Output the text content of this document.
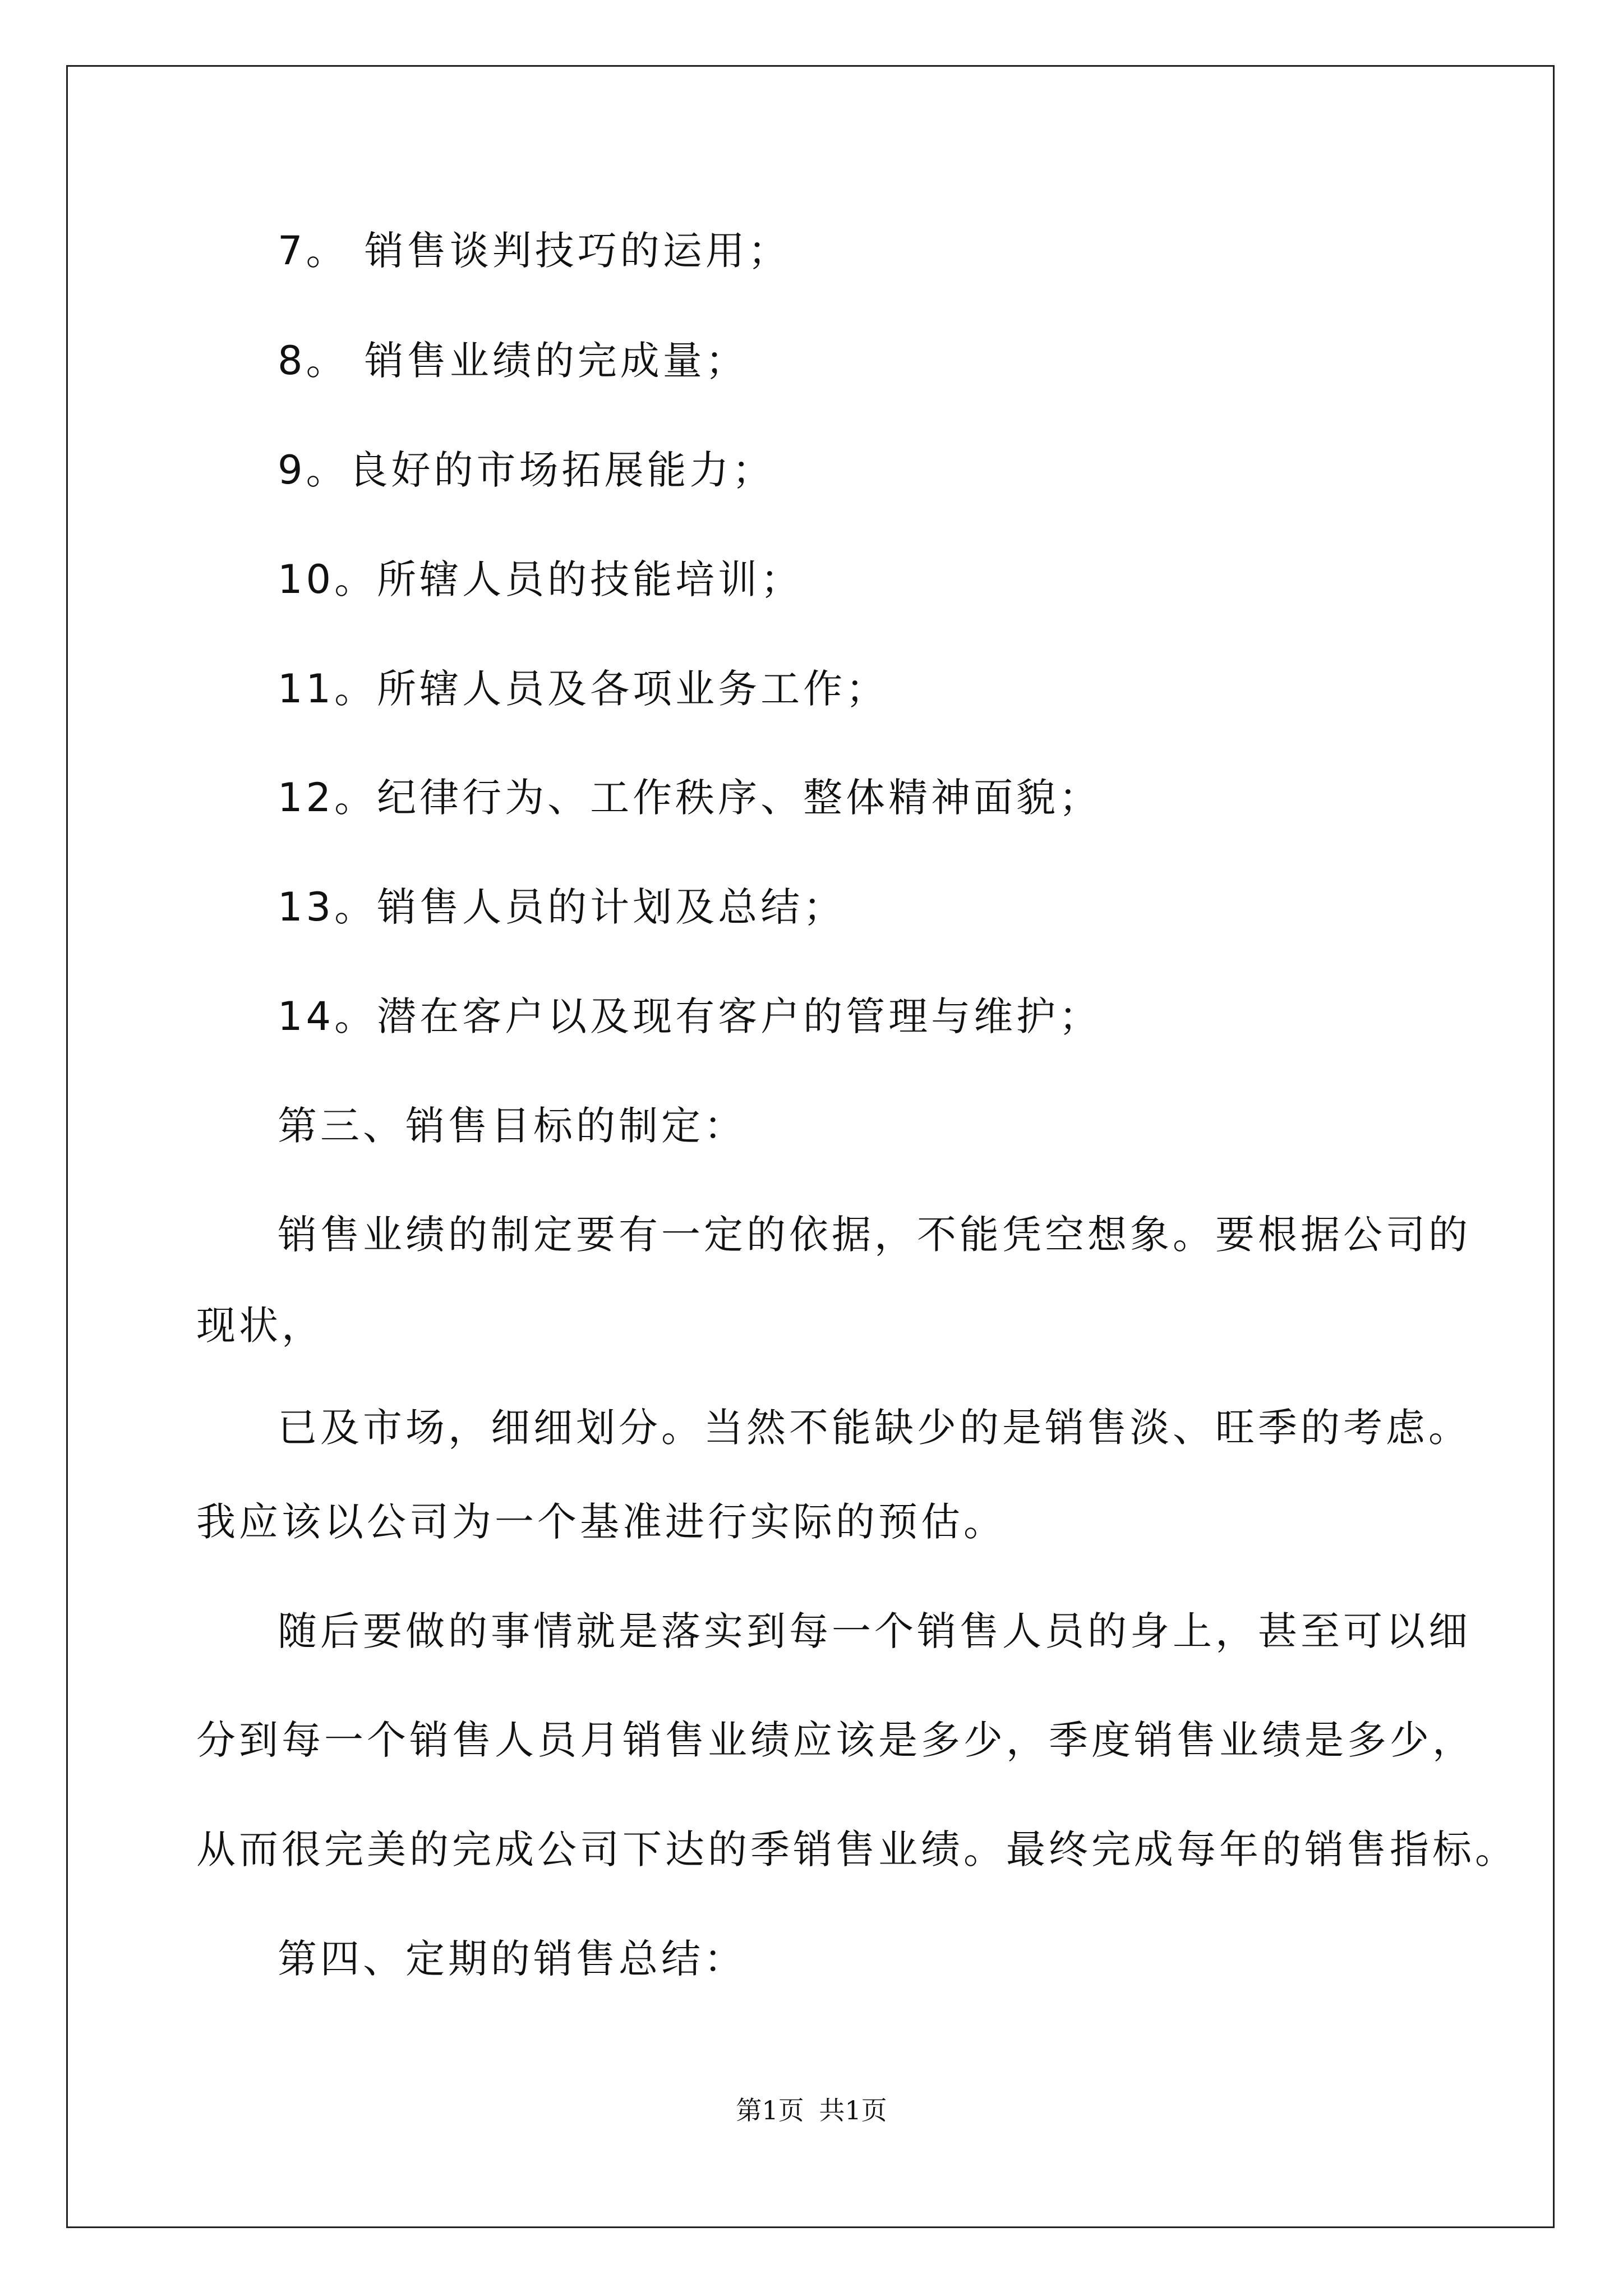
7。 销售谈判技巧的运用；
8。 销售业绩的完成量；
9。良好的市场拓展能力；
10。所辖人员的技能培训；
11。所辖人员及各项业务工作；
12。纪律行为、工作秩序、整体精神面貌；
13。销售人员的计划及总结；
14。潜在客户以及现有客户的管理与维护；
第三、销售目标的制定：
销售业绩的制定要有一定的依据，不能凭空想象。要根据公司的
现状，
已及市场，细细划分。当然不能缺少的是销售淡、旺季的考虑。
我应该以公司为一个基准进行实际的预估。
随后要做的事情就是落实到每一个销售人员的身上，甚至可以细
分到每一个销售人员月销售业绩应该是多少，季度销售业绩是多少，
从而很完美的完成公司下达的季销售业绩。最终完成每年的销售指标。
第四、定期的销售总结：
第1页 共1页
